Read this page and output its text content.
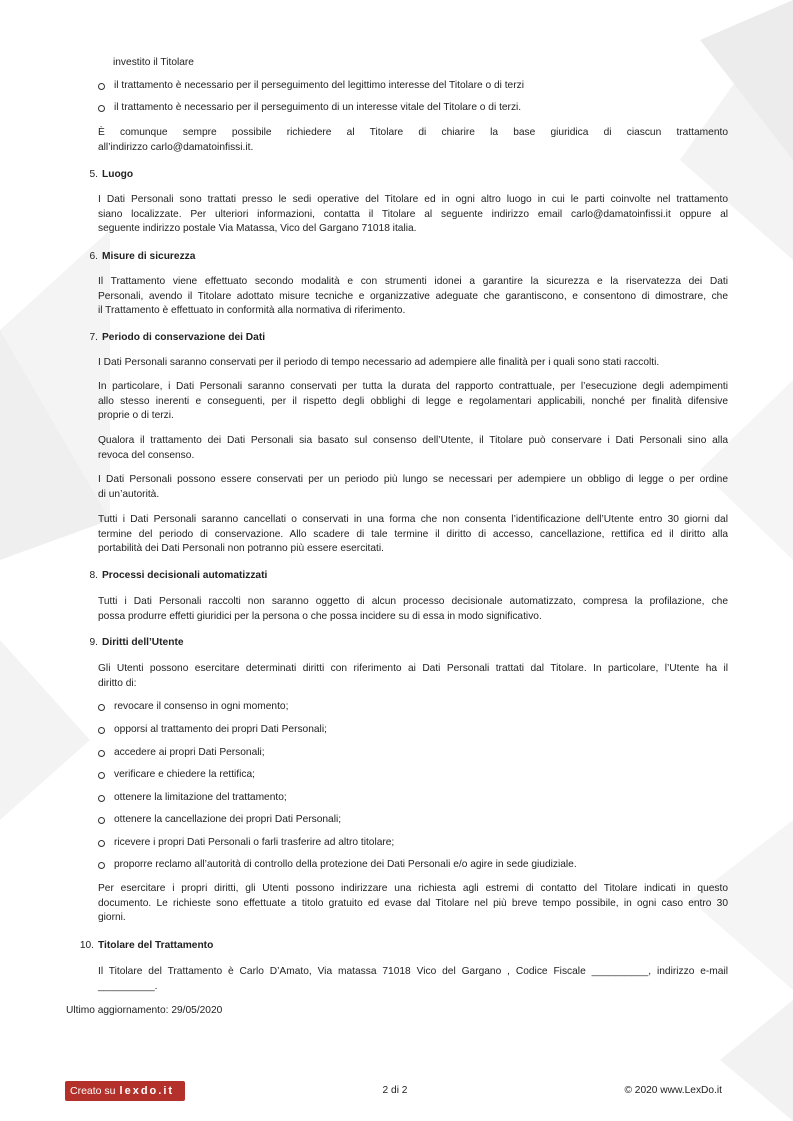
investito il Titolare
il trattamento è necessario per il perseguimento del legittimo interesse del Titolare o di terzi
il trattamento è necessario per il perseguimento di un interesse vitale del Titolare o di terzi.

È comunque sempre possibile richiedere al Titolare di chiarire la base giuridica di ciascun trattamento

all’indirizzo carlo@damatoinfissi.it.

5. Luogo

I Dati Personali sono trattati presso le sedi operative del Titolare ed in ogni altro luogo in cui le parti coinvolte nel trattamento

siano localizzate. Per ulteriori informazioni, contatta il Titolare al seguente indirizzo email carlo@damatoinfissi.it oppure al

seguente indirizzo postale Via Matassa, Vico del Gargano 71018 italia.

6. Misure di sicurezza

Il Trattamento viene effettuato secondo modalità e con strumenti idonei a garantire la sicurezza e la riservatezza dei Dati

Personali, avendo il Titolare adottato misure tecniche e organizzative adeguate che garantiscono, e consentono di dimostrare, che

il Trattamento è effettuato in conformità alla normativa di riferimento.

7. Periodo di conservazione dei Dati
I Dati Personali saranno conservati per il periodo di tempo necessario ad adempiere alle finalità per i quali sono stati raccolti.

In particolare, i Dati Personali saranno conservati per tutta la durata del rapporto contrattuale, per l’esecuzione degli adempimenti

allo stesso inerenti e conseguenti, per il rispetto degli obblighi di legge e regolamentari applicabili, nonché per finalità difensive

proprie o di terzi.

Qualora il trattamento dei Dati Personali sia basato sul consenso dell’Utente, il Titolare può conservare i Dati Personali sino alla

revoca del consenso.

I Dati Personali possono essere conservati per un periodo più lungo se necessari per adempiere un obbligo di legge o per ordine

di un’autorità.

Tutti i Dati Personali saranno cancellati o conservati in una forma che non consenta l’identificazione dell’Utente entro 30 giorni dal

termine del periodo di conservazione. Allo scadere di tale termine il diritto di accesso, cancellazione, rettifica ed il diritto alla

portabilità dei Dati Personali non potranno più essere esercitati.

8. Processi decisionali automatizzati

Tutti i Dati Personali raccolti non saranno oggetto di alcun processo decisionale automatizzato, compresa la profilazione, che

possa produrre effetti giuridici per la persona o che possa incidere su di essa in modo significativo.

9. Diritti dell’Utente

Gli Utenti possono esercitare determinati diritti con riferimento ai Dati Personali trattati dal Titolare. In particolare, l’Utente ha il

diritto di:

revocare il consenso in ogni momento;
opporsi al trattamento dei propri Dati Personali;
accedere ai propri Dati Personali;
verificare e chiedere la rettifica;
ottenere la limitazione del trattamento;
ottenere la cancellazione dei propri Dati Personali;
ricevere i propri Dati Personali o farli trasferire ad altro titolare;
proporre reclamo all’autorità di controllo della protezione dei Dati Personali e/o agire in sede giudiziale.

Per esercitare i propri diritti, gli Utenti possono indirizzare una richiesta agli estremi di contatto del Titolare indicati in questo

documento. Le richieste sono effettuate a titolo gratuito ed evase dal Titolare nel più breve tempo possibile, in ogni caso entro 30

giorni.

10. Titolare del Trattamento

Il Titolare del Trattamento è Carlo D’Amato, Via matassa 71018 Vico del Gargano , Codice Fiscale __________, indirizzo e-mail

__________.

Ultimo aggiornamento: 29/05/2020
Creato su lexdo.it	2 di 2	© 2020 www.LexDo.it
